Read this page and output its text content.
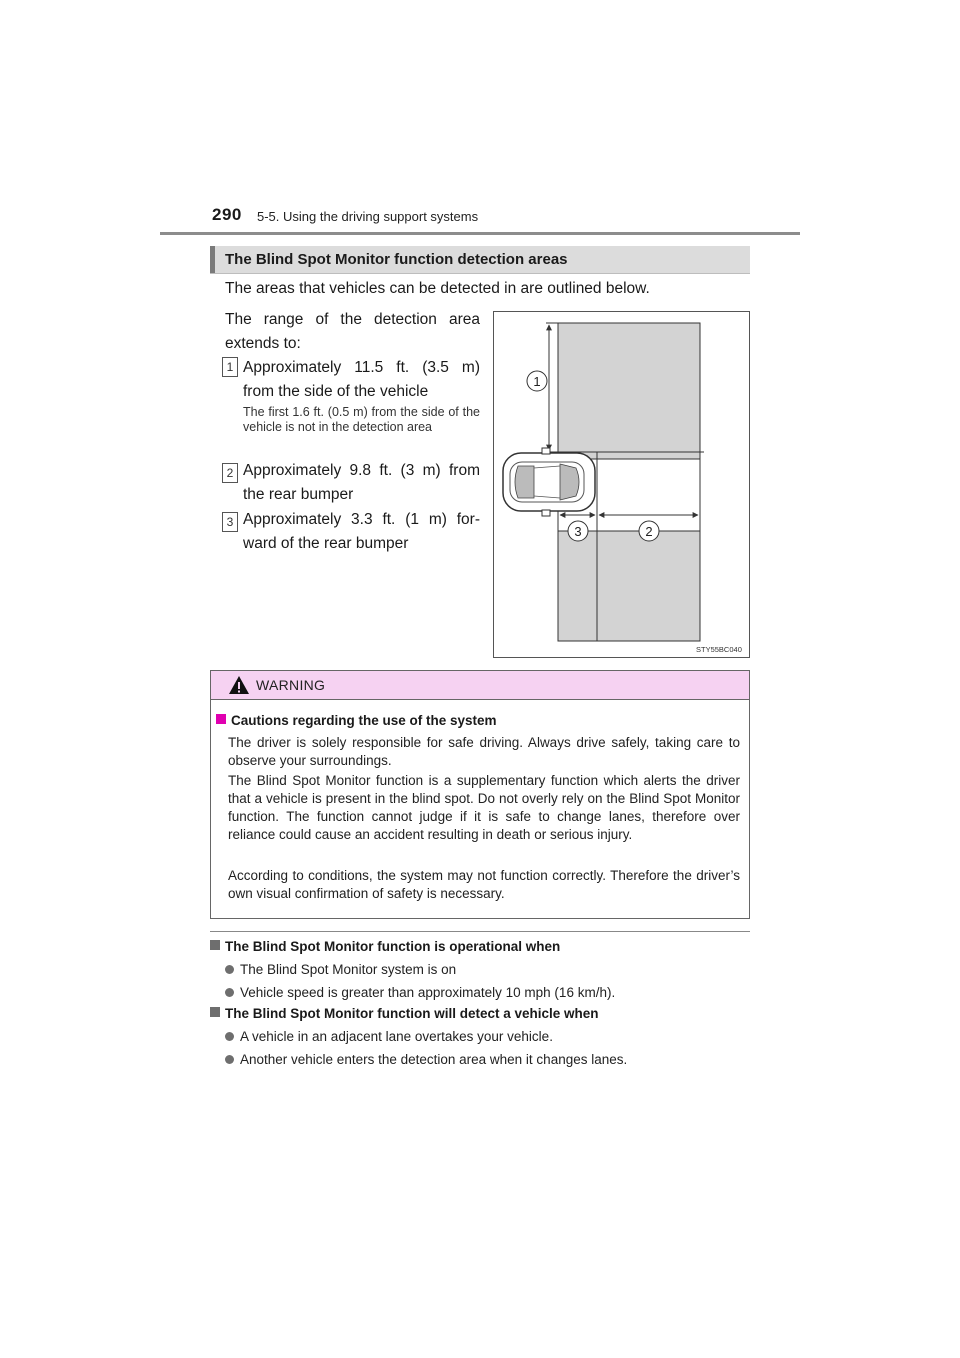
290 5-5. Using the driving support systems
The Blind Spot Monitor function detection areas
The areas that vehicles can be detected in are outlined below.
The range of the detection area extends to:
1 Approximately 11.5 ft. (3.5 m) from the side of the vehicle
The first 1.6 ft. (0.5 m) from the side of the vehicle is not in the detection area
2 Approximately 9.8 ft. (3 m) from the rear bumper
3 Approximately 3.3 ft. (1 m) for-ward of the rear bumper
1
3	2
STY55BC040
WARNING
Cautions regarding the use of the system

The driver is solely responsible for safe driving. Always drive safely, taking care to observe your surroundings.

The Blind Spot Monitor function is a supplementary function which alerts the driver that a vehicle is present in the blind spot. Do not overly rely on the Blind Spot Monitor function. The function cannot judge if it is safe to change lanes, therefore over reliance could cause an accident resulting in death or serious injury.

According to conditions, the system may not function correctly. Therefore the driver’s own visual confirmation of safety is necessary.

The Blind Spot Monitor function is operational when
The Blind Spot Monitor system is on
Vehicle speed is greater than approximately 10 mph (16 km/h).
The Blind Spot Monitor function will detect a vehicle when
A vehicle in an adjacent lane overtakes your vehicle.
Another vehicle enters the detection area when it changes lanes.
